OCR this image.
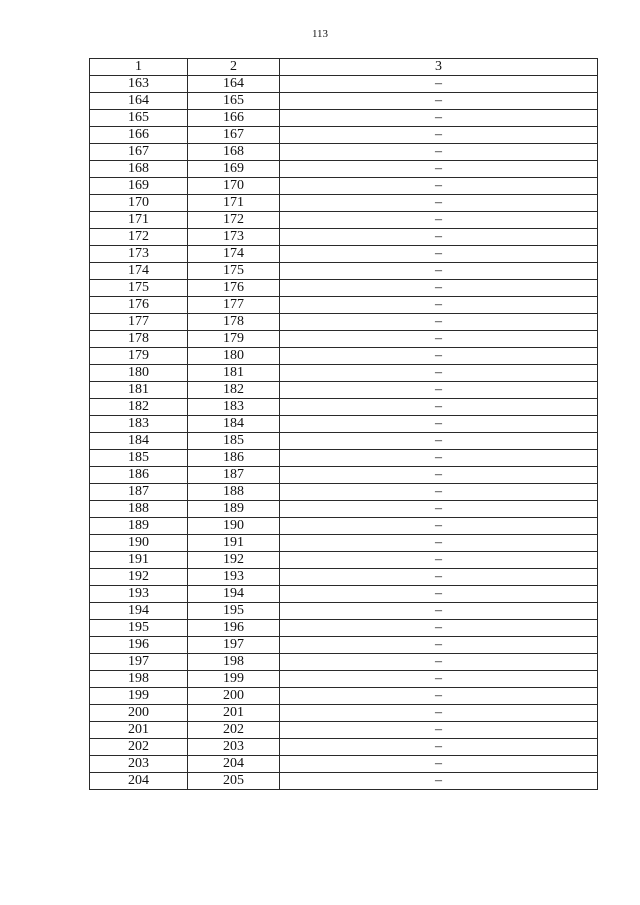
113
1	2	3
163	164	–
164	165	–
165	166	–
166	167	–
167	168	–
168	169	–
169	170	–
170	171	–
171	172	–
172	173	–
173	174	–
174	175	–
175	176	–
176	177	–
177	178	–
178	179	–
179	180	–
180	181	–
181	182	–
182	183	–
183	184	–
184	185	–
185	186	–
186	187	–
187	188	–
188	189	–
189	190	–
190	191	–
191	192	–
192	193	–
193	194	–
194	195	–
195	196	–
196	197	–
197	198	–
198	199	–
199	200	–
200	201	–
201	202	–
202	203	–
203	204	–
204	205	–
